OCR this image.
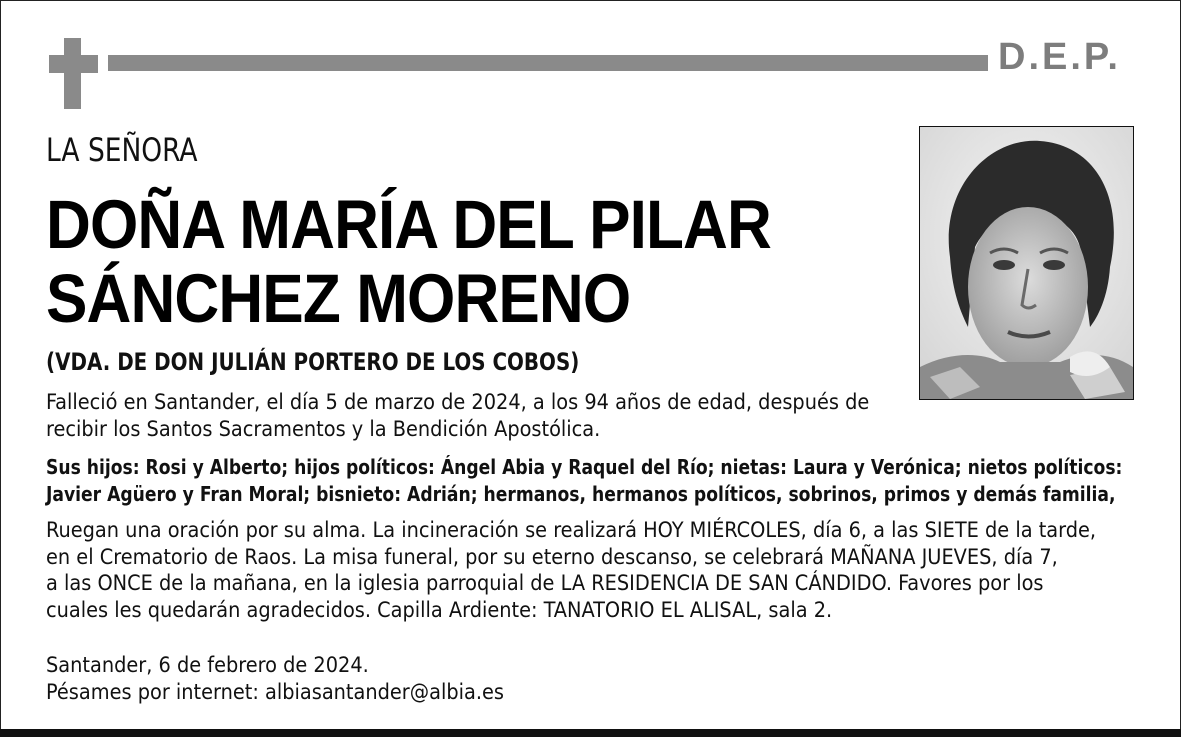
D.E.P.
LA SEÑORA
DOÑA MARÍA DEL PILAR
SÁNCHEZ MORENO
(VDA. DE DON JULIÁN PORTERO DE LOS COBOS)
Falleció en Santander, el día 5 de marzo de 2024, a los 94 años de edad, después de
recibir los Santos Sacramentos y la Bendición Apostólica.
Sus hijos: Rosi y Alberto; hijos políticos: Ángel Abia y Raquel del Río; nietas: Laura y Verónica; nietos políticos:
Javier Agüero y Fran Moral; bisnieto: Adrián; hermanos, hermanos políticos, sobrinos, primos y demás familia,
Ruegan una oración por su alma. La incineración se realizará HOY MIÉRCOLES, día 6, a las SIETE de la tarde,
en el Crematorio de Raos. La misa funeral, por su eterno descanso, se celebrará MAÑANA JUEVES, día 7,
a las ONCE de la mañana, en la iglesia parroquial de LA RESIDENCIA DE SAN CÁNDIDO. Favores por los
cuales les quedarán agradecidos. Capilla Ardiente: TANATORIO EL ALISAL, sala 2.
Santander, 6 de febrero de 2024.
Pésames por internet: albiasantander@albia.es
